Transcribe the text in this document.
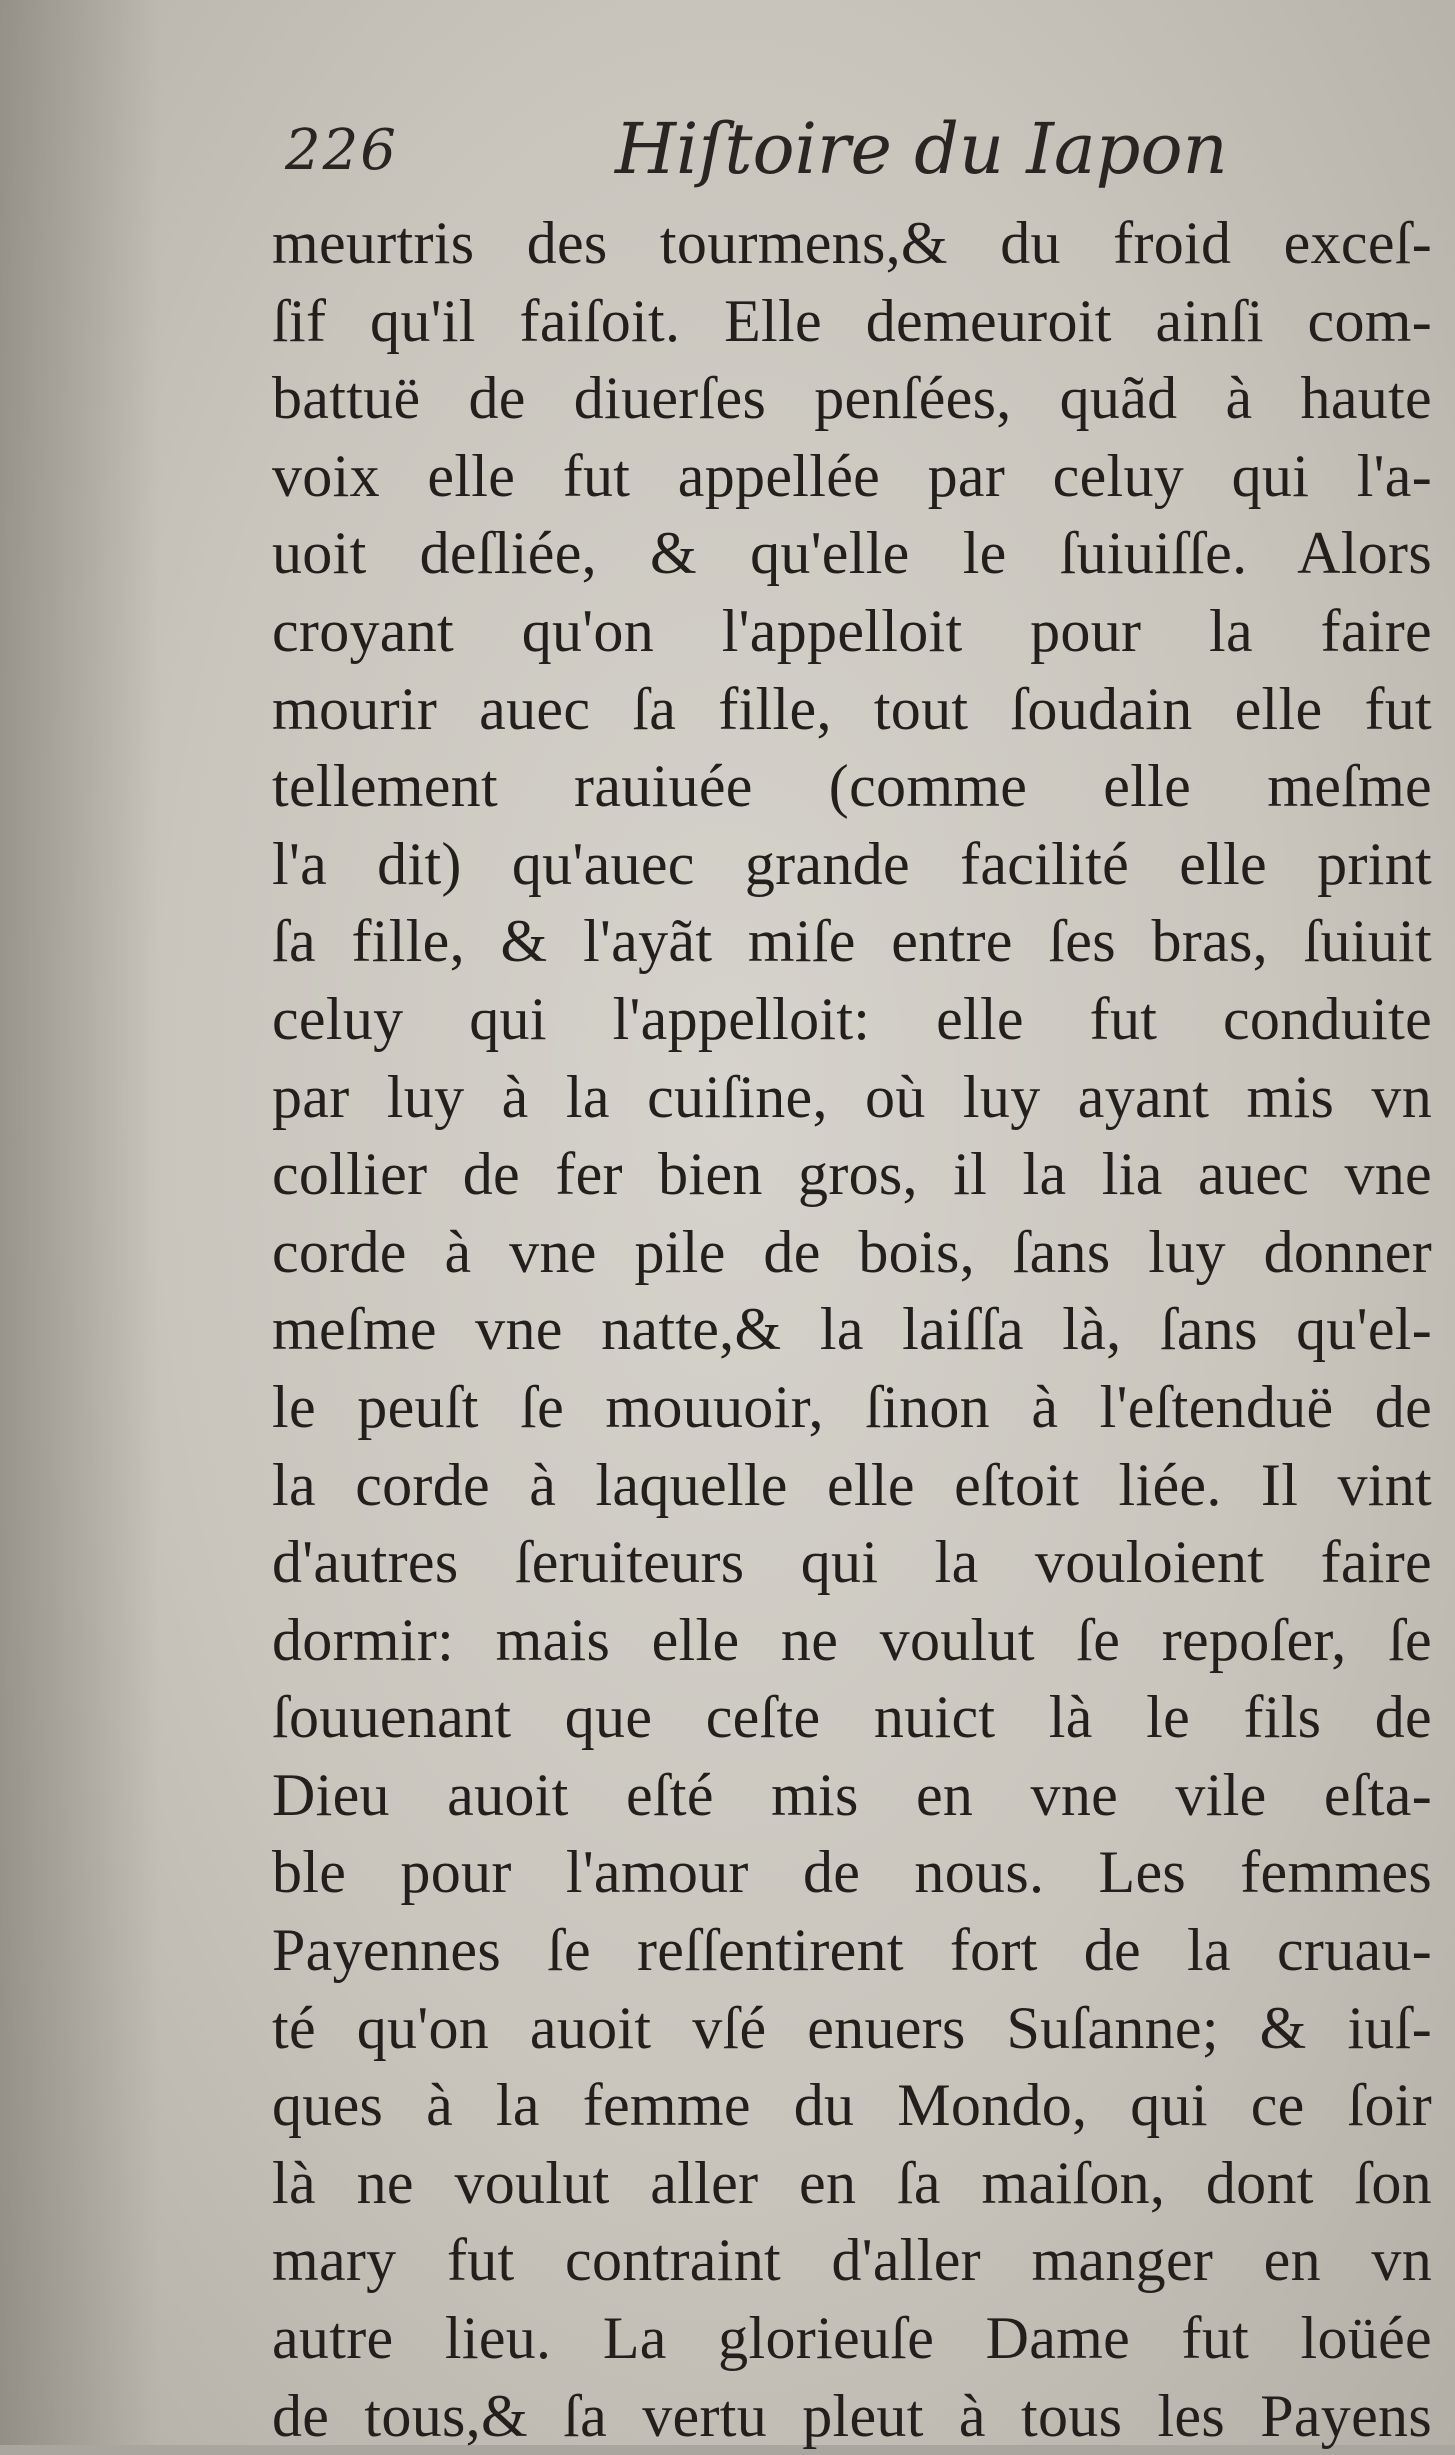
226	Hiſtoire du Iapon
meurtris des tourmens,& du froid exceſ-
ſif qu'il faiſoit. Elle demeuroit ainſi com-
battuë de diuerſes penſées, quãd à haute
voix elle fut appellée par celuy qui l'a-
uoit deſliée, & qu'elle le ſuiuiſſe. Alors
croyant qu'on l'appelloit pour la faire
mourir auec ſa fille, tout ſoudain elle fut
tellement rauiuée (comme elle meſme
l'a dit) qu'auec grande facilité elle print
ſa fille, & l'ayãt miſe entre ſes bras, ſuiuit
celuy qui l'appelloit: elle fut conduite
par luy à la cuiſine, où luy ayant mis vn
collier de fer bien gros, il la lia auec vne
corde à vne pile de bois, ſans luy donner
meſme vne natte,& la laiſſa là, ſans qu'el-
le peuſt ſe mouuoir, ſinon à l'eſtenduë de
la corde à laquelle elle eſtoit liée. Il vint
d'autres ſeruiteurs qui la vouloient faire
dormir: mais elle ne voulut ſe repoſer, ſe
ſouuenant que ceſte nuict là le fils de
Dieu auoit eſté mis en vne vile eſta-
ble pour l'amour de nous. Les femmes
Payennes ſe reſſentirent fort de la cruau-
té qu'on auoit vſé enuers Suſanne; & iuſ-
ques à la femme du Mondo, qui ce ſoir
là ne voulut aller en ſa maiſon, dont ſon
mary fut contraint d'aller manger en vn
autre lieu. La glorieuſe Dame fut loüée
de tous,& ſa vertu pleut à tous les Payens
